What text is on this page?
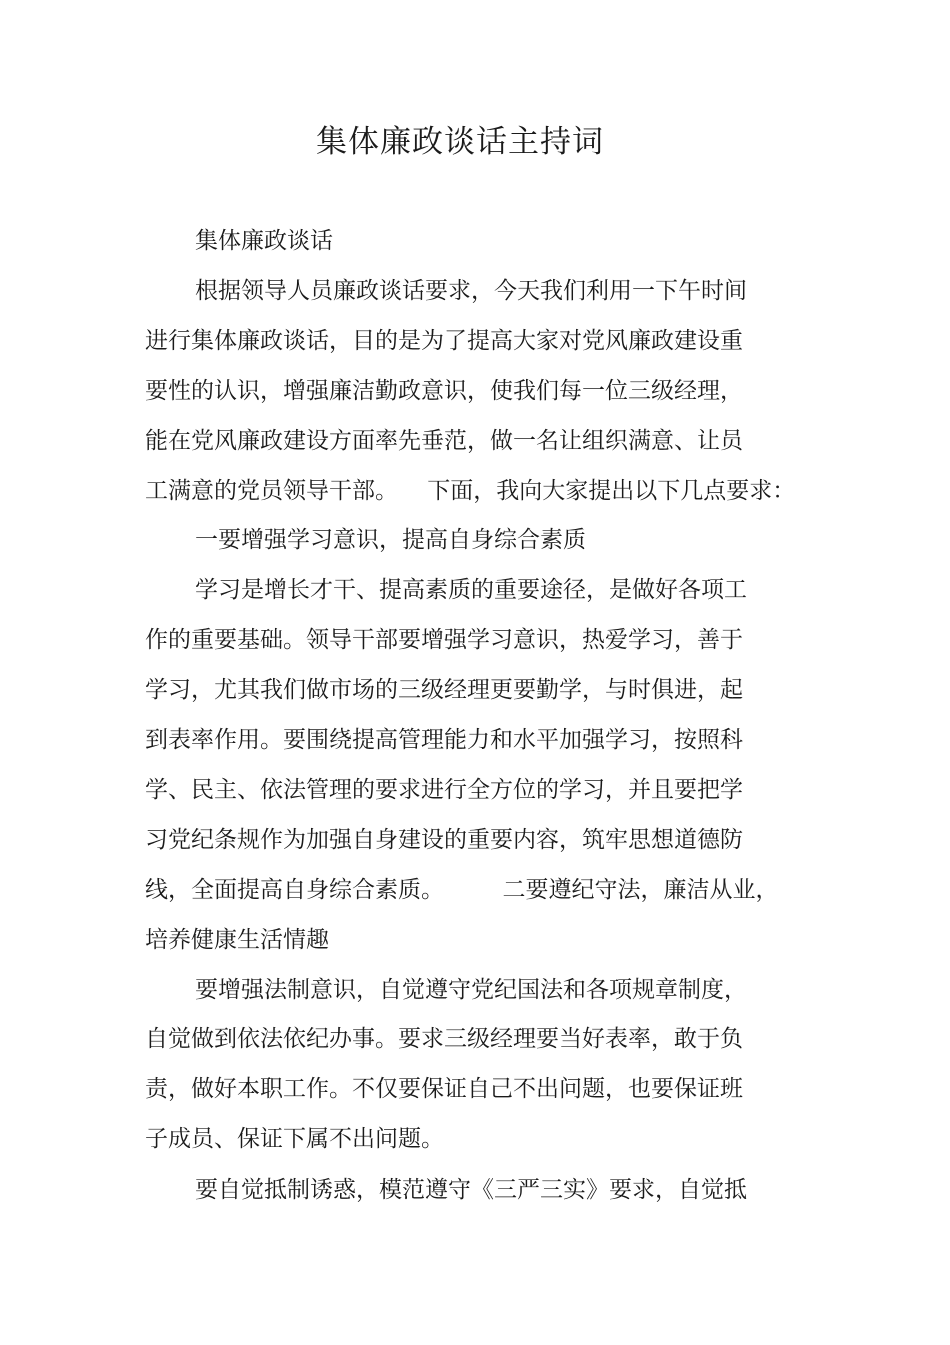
集体廉政谈话主持词

集体廉政谈话

根据领导人员廉政谈话要求，今天我们利用一下午时间

进行集体廉政谈话，目的是为了提高大家对党风廉政建设重

要性的认识，增强廉洁勤政意识，使我们每一位三级经理，

能在党风廉政建设方面率先垂范，做一名让组织满意、让员

工满意的党员领导干部。    下面，我向大家提出以下几点要求：

一要增强学习意识，提高自身综合素质

学习是增长才干、提高素质的重要途径，是做好各项工

作的重要基础。领导干部要增强学习意识，热爱学习，善于

学习，尤其我们做市场的三级经理更要勤学，与时俱进，起

到表率作用。要围绕提高管理能力和水平加强学习，按照科

学、民主、依法管理的要求进行全方位的学习，并且要把学

习党纪条规作为加强自身建设的重要内容，筑牢思想道德防

线，全面提高自身综合素质。        二要遵纪守法，廉洁从业，

培养健康生活情趣

要增强法制意识，自觉遵守党纪国法和各项规章制度，

自觉做到依法依纪办事。要求三级经理要当好表率，敢于负

责，做好本职工作。不仅要保证自己不出问题，也要保证班

子成员、保证下属不出问题。

要自觉抵制诱惑，模范遵守《三严三实》要求，自觉抵
